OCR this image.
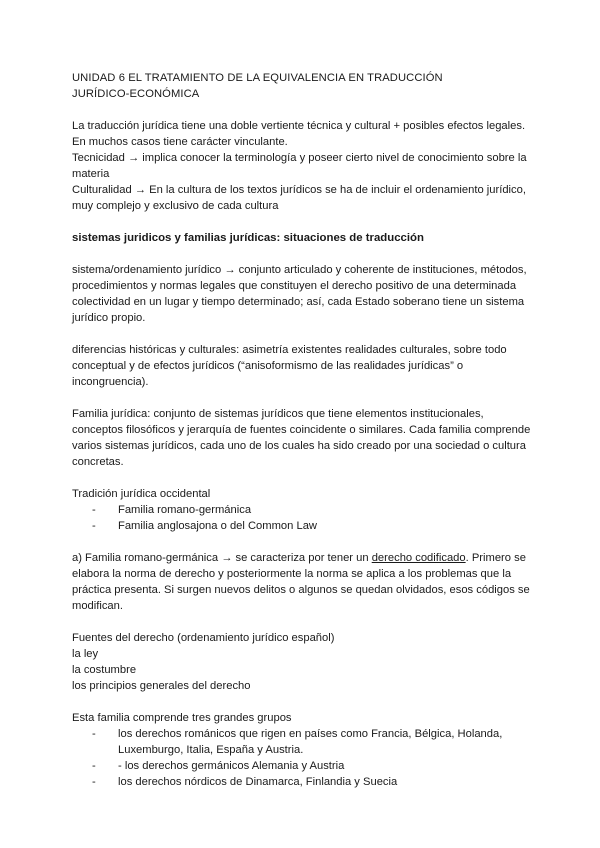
UNIDAD 6 EL TRATAMIENTO DE LA EQUIVALENCIA EN TRADUCCIÓN
JURÍDICO-ECONÓMICA

La traducción jurídica tiene una doble vertiente técnica y cultural + posibles efectos legales.

En muchos casos tiene carácter vinculante.

Tecnicidad → implica conocer la terminología y poseer cierto nivel de conocimiento sobre la materia

Culturalidad → En la cultura de los textos jurídicos se ha de incluir el ordenamiento jurídico, muy complejo y exclusivo de cada cultura

sistemas juridicos y familias jurídicas: situaciones de traducción

sistema/ordenamiento jurídico → conjunto articulado y coherente de instituciones, métodos, procedimientos y normas legales que constituyen el derecho positivo de una determinada colectividad en un lugar y tiempo determinado; así, cada Estado soberano tiene un sistema jurídico propio.

diferencias históricas y culturales: asimetría existentes realidades culturales, sobre todo conceptual y de efectos jurídicos (“anisoformismo de las realidades jurídicas” o incongruencia).

Familia jurídica: conjunto de sistemas jurídicos que tiene elementos institucionales, conceptos filosóficos y jerarquía de fuentes coincidente o similares. Cada familia comprende varios sistemas jurídicos, cada uno de los cuales ha sido creado por una sociedad o cultura concretas.

Tradición jurídica occidental

- Familia romano-germánica
- Familia anglosajona o del Common Law

a) Familia romano-germánica → se caracteriza por tener un derecho codificado. Primero se elabora la norma de derecho y posteriormente la norma se aplica a los problemas que la práctica presenta. Si surgen nuevos delitos o algunos se quedan olvidados, esos códigos se modifican.

Fuentes del derecho (ordenamiento jurídico español)

la ley

la costumbre

los principios generales del derecho

Esta familia comprende tres grandes grupos

- los derechos románicos que rigen en países como Francia, Bélgica, Holanda, Luxemburgo, Italia, España y Austria.
- - los derechos germánicos Alemania y Austria
- los derechos nórdicos de Dinamarca, Finlandia y Suecia
